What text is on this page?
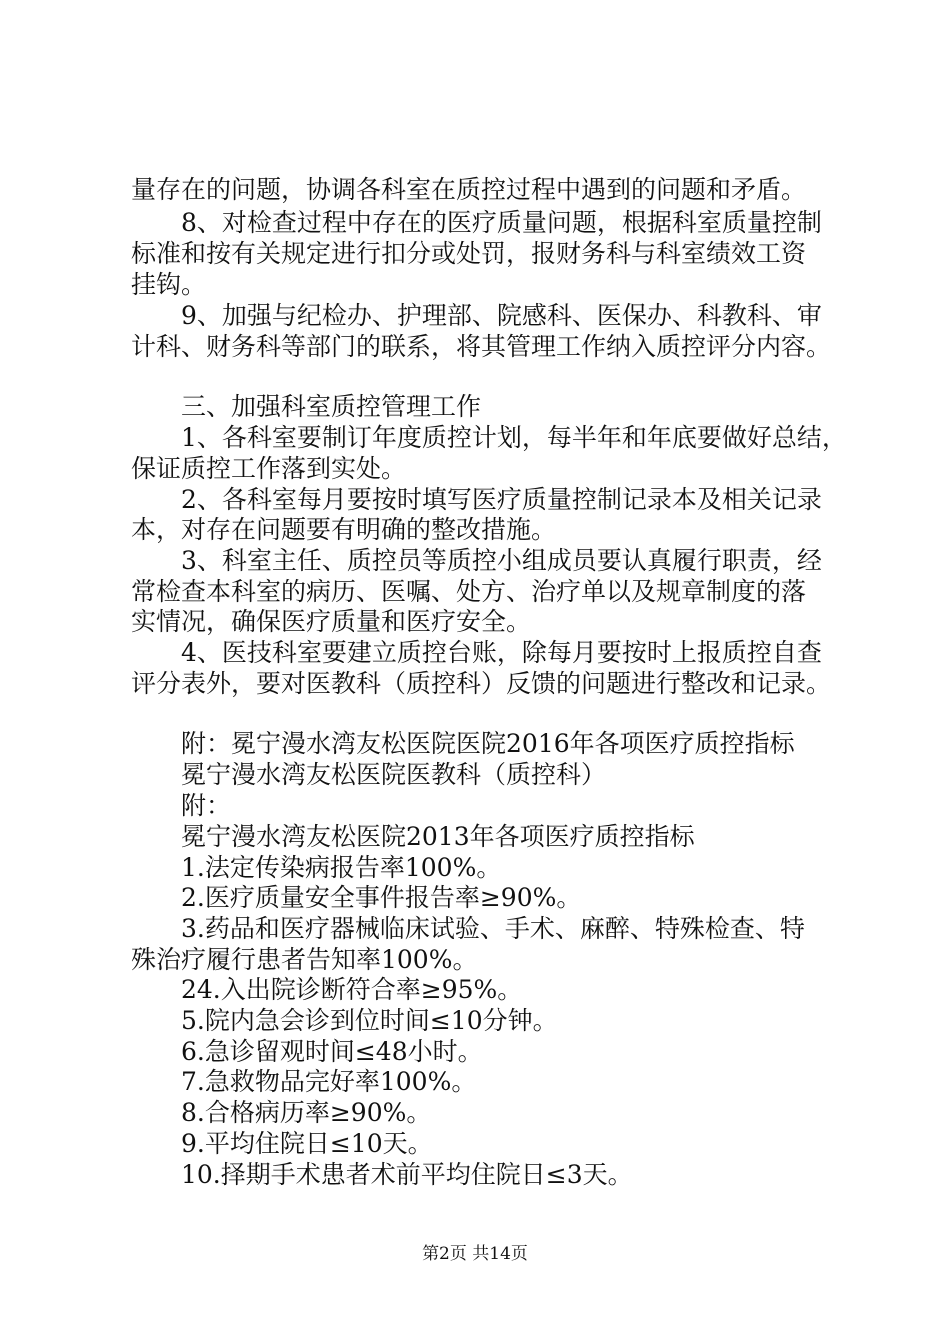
量存在的问题，协调各科室在质控过程中遇到的问题和矛盾。
8、对检查过程中存在的医疗质量问题，根据科室质量控制
标准和按有关规定进行扣分或处罚，报财务科与科室绩效工资
挂钩。
9、加强与纪检办、护理部、院感科、医保办、科教科、审
计科、财务科等部门的联系，将其管理工作纳入质控评分内容。
三、加强科室质控管理工作
1、各科室要制订年度质控计划，每半年和年底要做好总结，
保证质控工作落到实处。
2、各科室每月要按时填写医疗质量控制记录本及相关记录
本，对存在问题要有明确的整改措施。
3、科室主任、质控员等质控小组成员要认真履行职责，经
常检查本科室的病历、医嘱、处方、治疗单以及规章制度的落
实情况，确保医疗质量和医疗安全。
4、医技科室要建立质控台账，除每月要按时上报质控自查
评分表外，要对医教科（质控科）反馈的问题进行整改和记录。
附：冕宁漫水湾友松医院医院2016年各项医疗质控指标
冕宁漫水湾友松医院医教科（质控科）
附：
冕宁漫水湾友松医院2013年各项医疗质控指标
1.法定传染病报告率100%。
2.医疗质量安全事件报告率≥90%。
3.药品和医疗器械临床试验、手术、麻醉、特殊检查、特
殊治疗履行患者告知率100%。
24.入出院诊断符合率≥95%。
5.院内急会诊到位时间≤10分钟。
6.急诊留观时间≤48小时。
7.急救物品完好率100%。
8.合格病历率≥90%。
9.平均住院日≤10天。
10.择期手术患者术前平均住院日≤3天。
第2页 共14页
